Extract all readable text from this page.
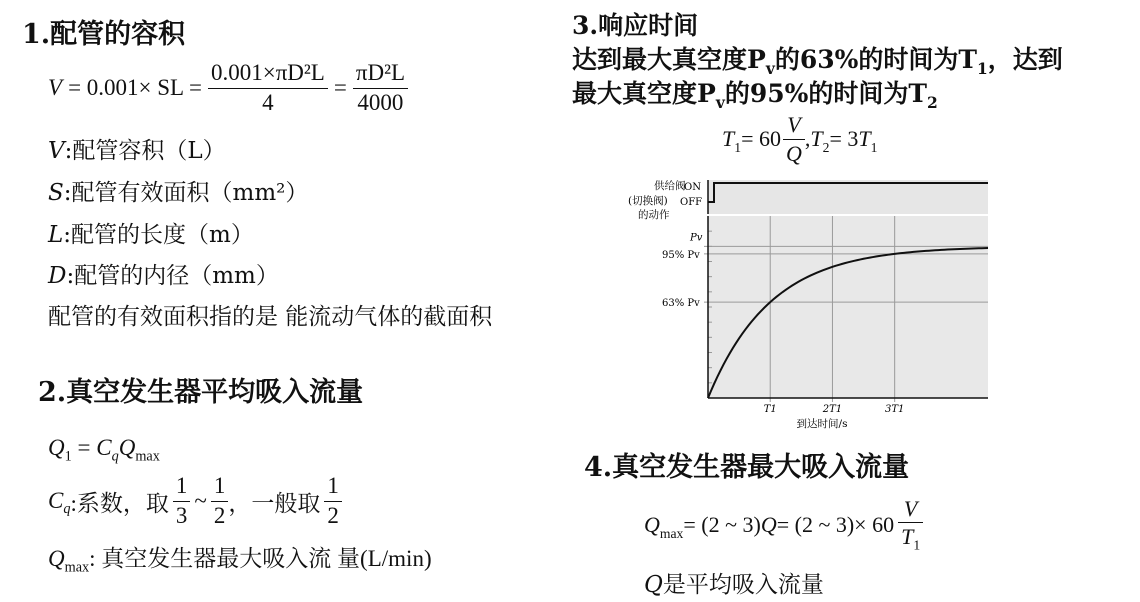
1.配管的容积
V = 0.001× SL = $\frac{\text{0.001×πD²L}}{4} = \frac{\text{πD²L}}{4000}$
V:配管容积（L）
S:配管有效面积（mm²）
L:配管的长度（m）
D:配管的内径（mm）
配管的有效面积指的是 能流动气体的截面积
2.真空发生器平均吸入流量
$Q_1 = C_qQ_{max}$
$C_q$ :系数，取 $\frac{1}{3}$ ~ $\frac{1}{2}$ ，一般取 $\frac{1}{2}$
$Q_{max}$: 真空发生器最大吸入流 量(L/min)
3.响应时间
达到最大真空度$P_v$的63%的时间为$T_1$，达到
最大真空度$P_v$的95%的时间为$T_2$
$T_1 = 60 \frac{V}{Q}$ , $T_2 = 3$ $T_1$
供给阀
(切换阀)
的动作
ON
OFF
Pv
95% Pv
63% Pv
T1	2T1	3T1
到达时间/s
4.真空发生器最大吸入流量
$Q_{max} = (2$ ~ 3) Q = (2 ~ $3)\times 60 \frac{V}{T_1}$
Q是平均吸入流量
